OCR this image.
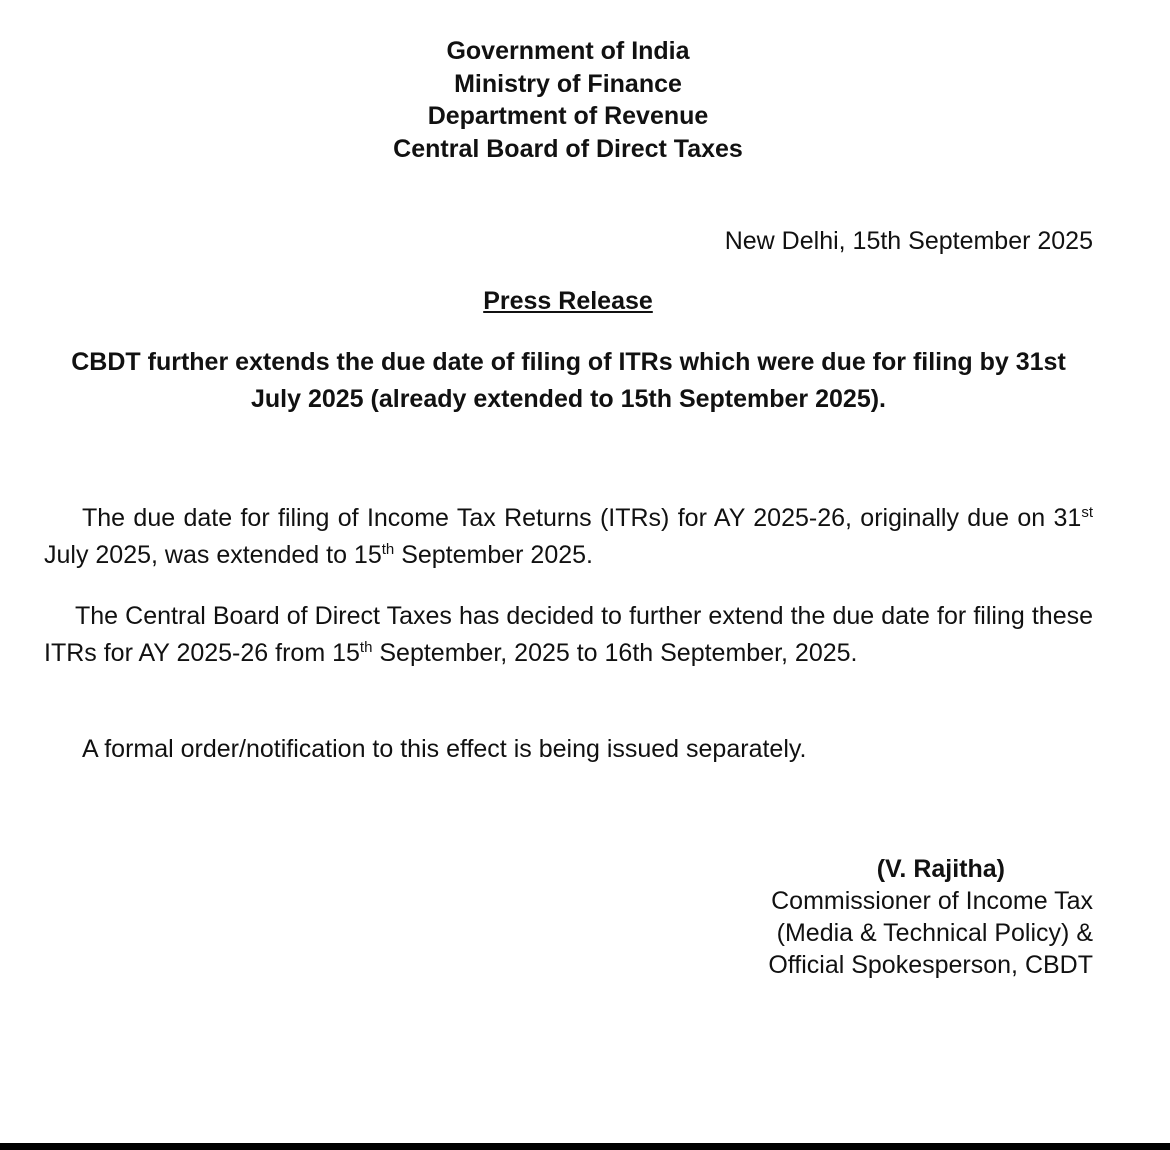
Government of India
Ministry of Finance
Department of Revenue
Central Board of Direct Taxes
New Delhi, 15th September 2025
Press Release
CBDT further extends the due date of filing of ITRs which were due for filing by 31st July 2025 (already extended to 15th September 2025).
The due date for filing of Income Tax Returns (ITRs) for AY 2025-26, originally due on 31st July 2025, was extended to 15th September 2025.
The Central Board of Direct Taxes has decided to further extend the due date for filing these ITRs for AY 2025-26 from 15th September, 2025 to 16th September, 2025.
A formal order/notification to this effect is being issued separately.
(V. Rajitha)
Commissioner of Income Tax
(Media & Technical Policy) &
Official Spokesperson, CBDT
